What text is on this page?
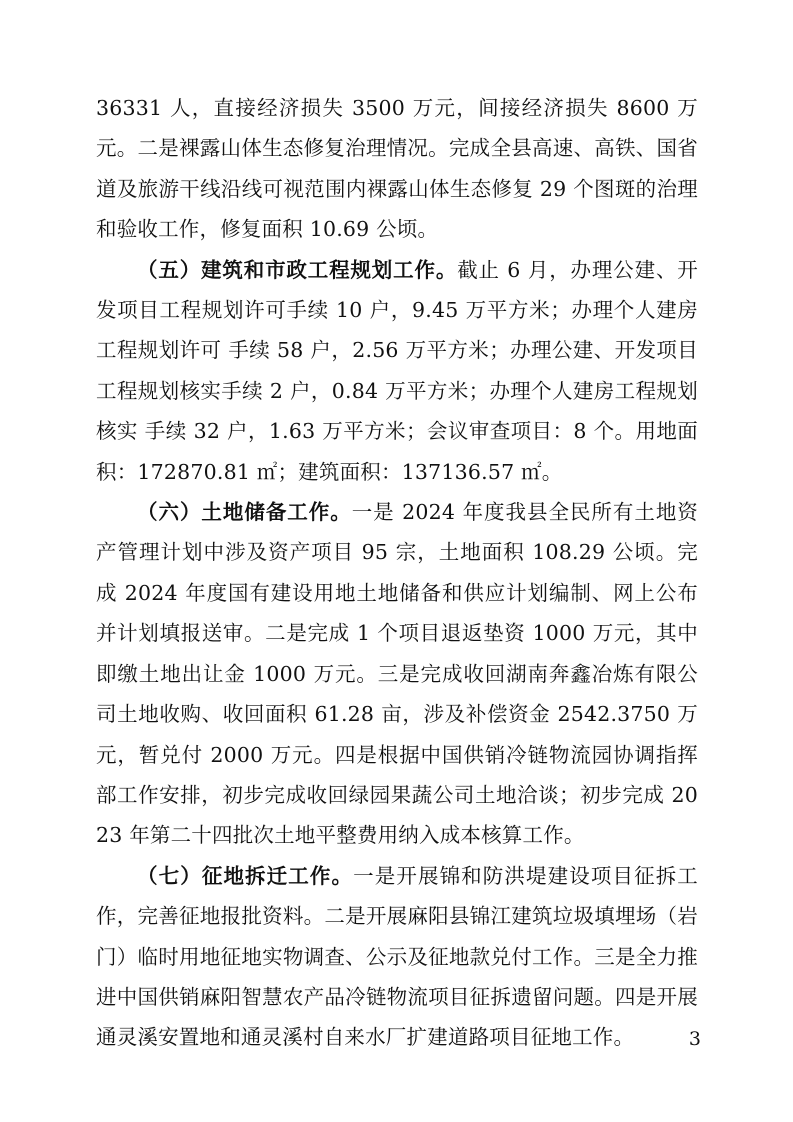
36331 人，直接经济损失 3500 万元，间接经济损失 8600 万元。二是裸露山体生态修复治理情况。完成全县高速、高铁、国省道及旅游干线沿线可视范围内裸露山体生态修复 29 个图斑的治理和验收工作，修复面积 10.69 公顷。

（五）建筑和市政工程规划工作。截止 6 月，办理公建、开发项目工程规划许可手续 10 户，9.45 万平方米；办理个人建房工程规划许可 手续 58 户，2.56 万平方米；办理公建、开发项目工程规划核实手续 2 户，0.84 万平方米；办理个人建房工程规划核实 手续 32 户，1.63 万平方米；会议审查项目：8 个。用地面积：172870.81 ㎡；建筑面积：137136.57 ㎡。

（六）土地储备工作。一是 2024 年度我县全民所有土地资产管理计划中涉及资产项目 95 宗，土地面积 108.29 公顷。完成 2024 年度国有建设用地土地储备和供应计划编制、网上公布并计划填报送审。二是完成 1 个项目退返垫资 1000 万元，其中即缴土地出让金 1000 万元。三是完成收回湖南奔鑫冶炼有限公司土地收购、收回面积 61.28 亩，涉及补偿资金 2542.3750 万元，暂兑付 2000 万元。四是根据中国供销冷链物流园协调指挥部工作安排，初步完成收回绿园果蔬公司土地洽谈；初步完成 2023 年第二十四批次土地平整费用纳入成本核算工作。

（七）征地拆迁工作。一是开展锦和防洪堤建设项目征拆工作，完善征地报批资料。二是开展麻阳县锦江建筑垃圾填埋场（岩门）临时用地征地实物调查、公示及征地款兑付工作。三是全力推进中国供销麻阳智慧农产品冷链物流项目征拆遗留问题。四是开展通灵溪安置地和通灵溪村自来水厂扩建道路项目征地工作。	3
